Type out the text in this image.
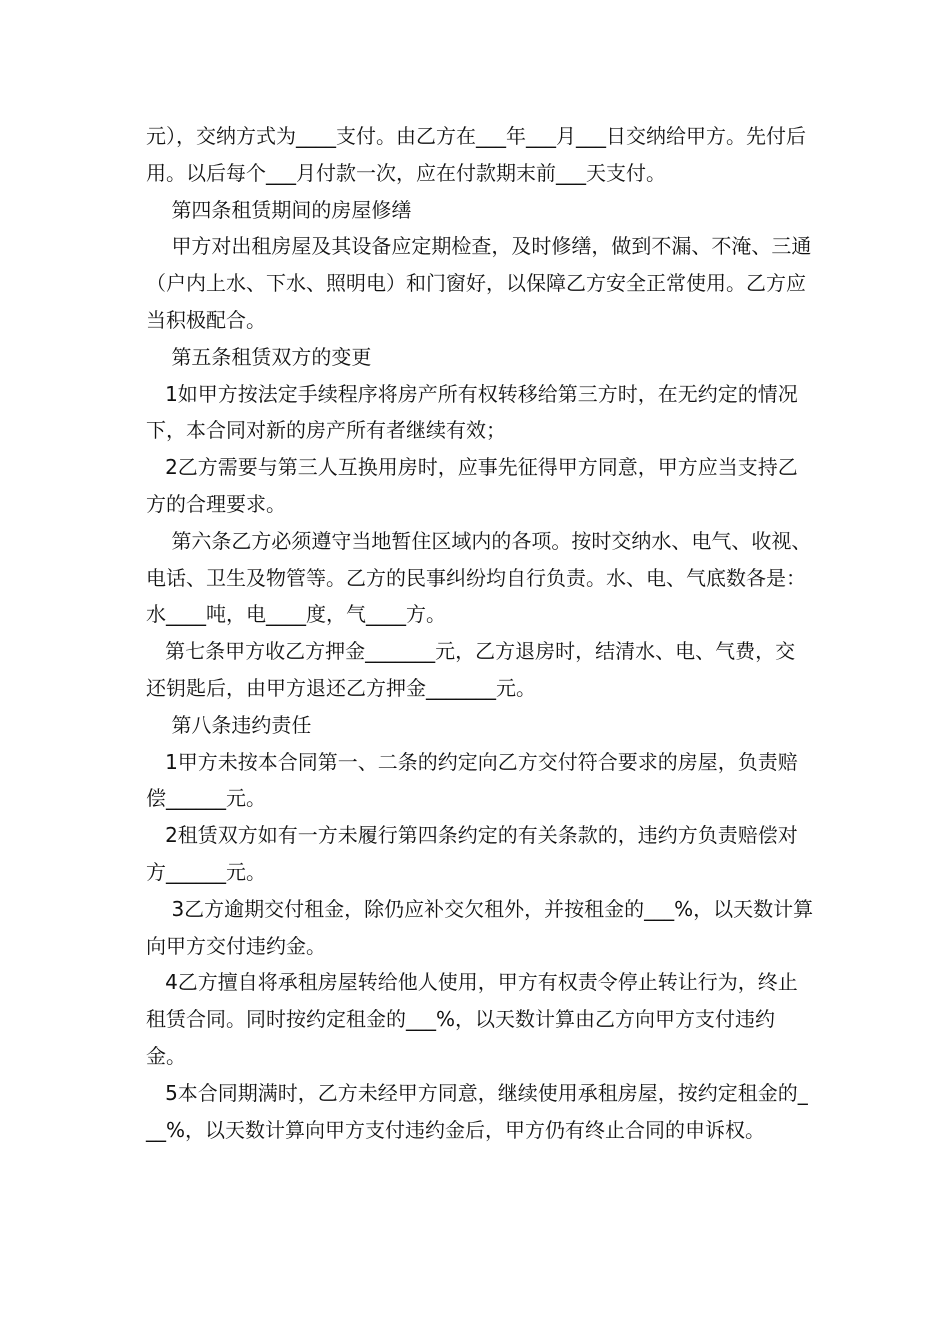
元），交纳方式为____支付。由乙方在___年___月___日交纳给甲方。先付后用。以后每个___月付款一次，应在付款期末前___天支付。

第四条租赁期间的房屋修缮

甲方对出租房屋及其设备应定期检查，及时修缮，做到不漏、不淹、三通（户内上水、下水、照明电）和门窗好，以保障乙方安全正常使用。乙方应当积极配合。

第五条租赁双方的变更

1如甲方按法定手续程序将房产所有权转移给第三方时，在无约定的情况下，本合同对新的房产所有者继续有效；

2乙方需要与第三人互换用房时，应事先征得甲方同意，甲方应当支持乙方的合理要求。

第六条乙方必须遵守当地暂住区域内的各项。按时交纳水、电气、收视、电话、卫生及物管等。乙方的民事纠纷均自行负责。水、电、气底数各是：水____吨，电____度，气____方。

第七条甲方收乙方押金_______元，乙方退房时，结清水、电、气费，交还钥匙后，由甲方退还乙方押金_______元。

第八条违约责任

1甲方未按本合同第一、二条的约定向乙方交付符合要求的房屋，负责赔偿______元。

2租赁双方如有一方未履行第四条约定的有关条款的，违约方负责赔偿对方______元。

3乙方逾期交付租金，除仍应补交欠租外，并按租金的___%，以天数计算向甲方交付违约金。

4乙方擅自将承租房屋转给他人使用，甲方有权责令停止转让行为，终止租赁合同。同时按约定租金的___%，以天数计算由乙方向甲方支付违约金。

5本合同期满时，乙方未经甲方同意，继续使用承租房屋，按约定租金的___%，以天数计算向甲方支付违约金后，甲方仍有终止合同的申诉权。
